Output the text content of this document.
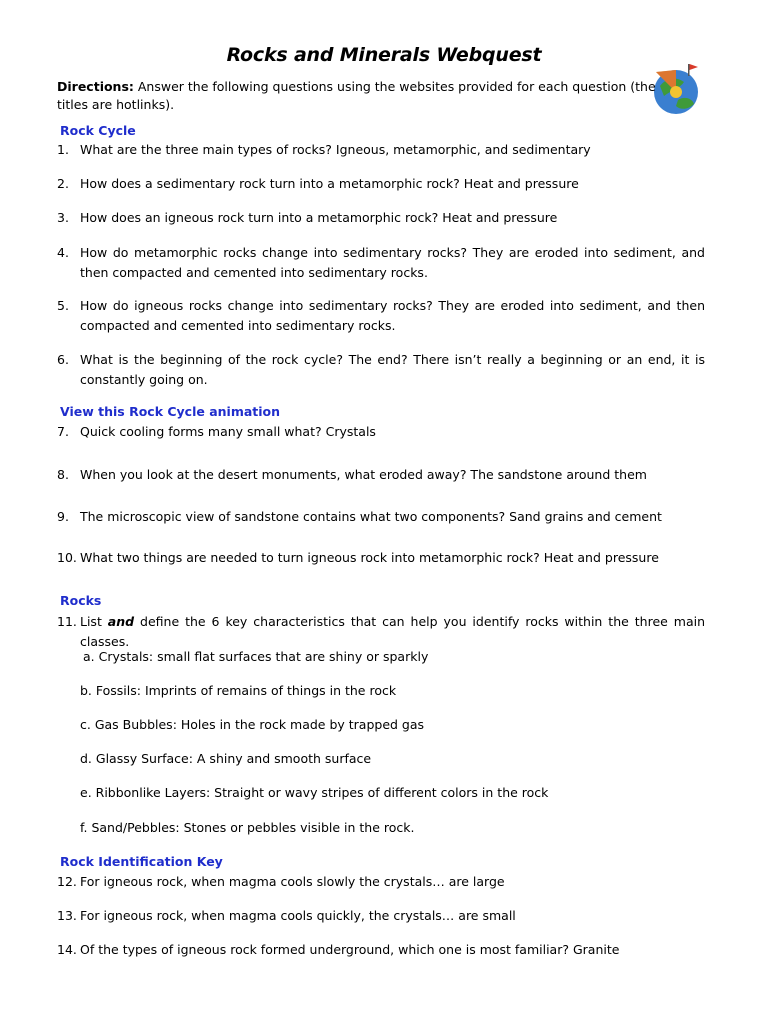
Rocks and Minerals Webquest
Directions: Answer the following questions using the websites provided for each question (the titles are hotlinks).
Rock Cycle
1. What are the three main types of rocks? Igneous, metamorphic, and sedimentary
2. How does a sedimentary rock turn into a metamorphic rock? Heat and pressure
3. How does an igneous rock turn into a metamorphic rock? Heat and pressure
4. How do metamorphic rocks change into sedimentary rocks? They are eroded into sediment, and then compacted and cemented into sedimentary rocks.
5. How do igneous rocks change into sedimentary rocks? They are eroded into sediment, and then compacted and cemented into sedimentary rocks.
6. What is the beginning of the rock cycle? The end? There isn’t really a beginning or an end, it is constantly going on.
View this Rock Cycle animation
7. Quick cooling forms many small what? Crystals
8. When you look at the desert monuments, what eroded away? The sandstone around them
9. The microscopic view of sandstone contains what two components? Sand grains and cement
10. What two things are needed to turn igneous rock into metamorphic rock? Heat and pressure
Rocks
11. List and define the 6 key characteristics that can help you identify rocks within the three main classes.
a. Crystals: small flat surfaces that are shiny or sparkly
b. Fossils: Imprints of remains of things in the rock
c. Gas Bubbles: Holes in the rock made by trapped gas
d. Glassy Surface: A shiny and smooth surface
e. Ribbonlike Layers: Straight or wavy stripes of different colors in the rock
f. Sand/Pebbles: Stones or pebbles visible in the rock.
Rock Identification Key
12. For igneous rock, when magma cools slowly the crystals… are large
13. For igneous rock, when magma cools quickly, the crystals… are small
14. Of the types of igneous rock formed underground, which one is most familiar? Granite
